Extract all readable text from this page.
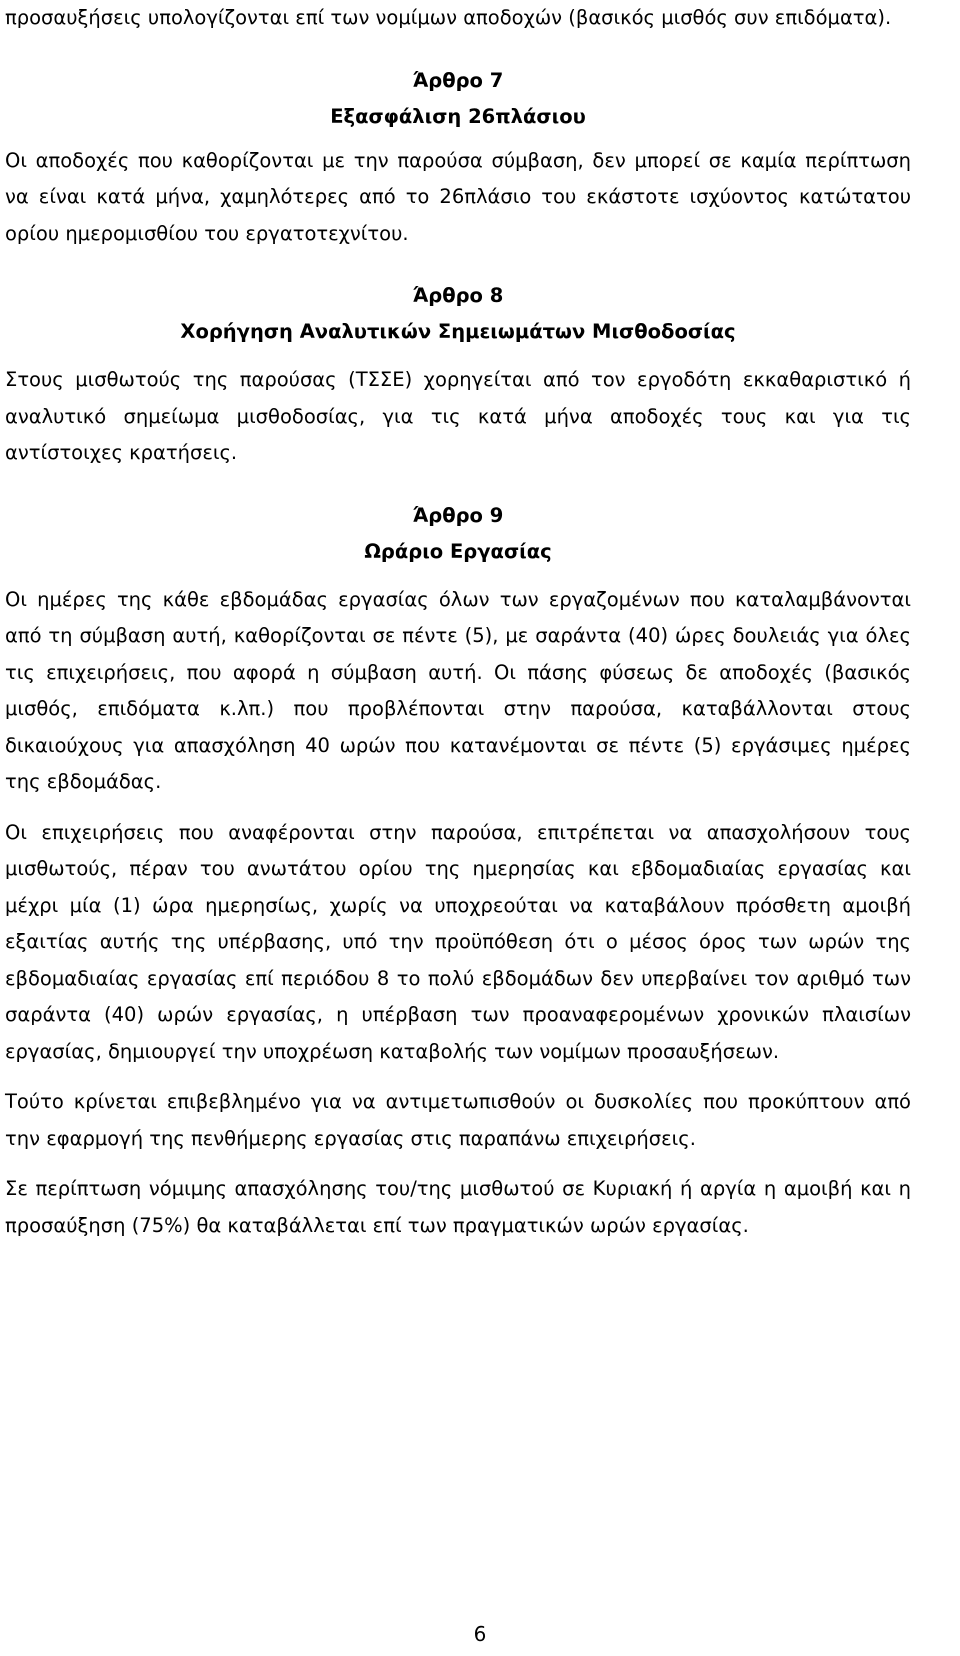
προσαυξήσεις υπολογίζονται επί των νομίμων αποδοχών (βασικός μισθός συν επιδόματα).

Άρθρο 7
Εξασφάλιση 26πλάσιου

Οι αποδοχές που καθορίζονται με την παρούσα σύμβαση, δεν μπορεί σε καμία περίπτωση να είναι κατά μήνα, χαμηλότερες από το 26πλάσιο του εκάστοτε ισχύοντος κατώτατου ορίου ημερομισθίου του εργατοτεχνίτου.

Άρθρο 8
Χορήγηση Αναλυτικών Σημειωμάτων Μισθοδοσίας

Στους μισθωτούς της παρούσας (ΤΣΣΕ) χορηγείται από τον εργοδότη εκκαθαριστικό ή αναλυτικό σημείωμα μισθοδοσίας, για τις κατά μήνα αποδοχές τους και για τις αντίστοιχες κρατήσεις.

Άρθρο 9
Ωράριο Εργασίας

Οι ημέρες της κάθε εβδομάδας εργασίας όλων των εργαζομένων που καταλαμβάνονται από τη σύμβαση αυτή, καθορίζονται σε πέντε (5), με σαράντα (40) ώρες δουλειάς για όλες τις επιχειρήσεις, που αφορά η σύμβαση αυτή. Οι πάσης φύσεως δε αποδοχές (βασικός μισθός, επιδόματα κ.λπ.) που προβλέπονται στην παρούσα, καταβάλλονται στους δικαιούχους για απασχόληση 40 ωρών που κατανέμονται σε πέντε (5) εργάσιμες ημέρες της εβδομάδας.

Οι επιχειρήσεις που αναφέρονται στην παρούσα, επιτρέπεται να απασχολήσουν τους μισθωτούς, πέραν του ανωτάτου ορίου της ημερησίας και εβδομαδιαίας εργασίας και μέχρι μία (1) ώρα ημερησίως, χωρίς να υποχρεούται να καταβάλουν πρόσθετη αμοιβή εξαιτίας αυτής της υπέρβασης, υπό την προϋπόθεση ότι ο μέσος όρος των ωρών της εβδομαδιαίας εργασίας επί περιόδου 8 το πολύ εβδομάδων δεν υπερβαίνει τον αριθμό των σαράντα (40) ωρών εργασίας, η υπέρβαση των προαναφερομένων χρονικών πλαισίων εργασίας, δημιουργεί την υποχρέωση καταβολής των νομίμων προσαυξήσεων.

Τούτο κρίνεται επιβεβλημένο για να αντιμετωπισθούν οι δυσκολίες που προκύπτουν από την εφαρμογή της πενθήμερης εργασίας στις παραπάνω επιχειρήσεις.

Σε περίπτωση νόμιμης απασχόλησης του/της μισθωτού σε Κυριακή ή αργία η αμοιβή και η προσαύξηση (75%) θα καταβάλλεται επί των πραγματικών ωρών εργασίας.

6
